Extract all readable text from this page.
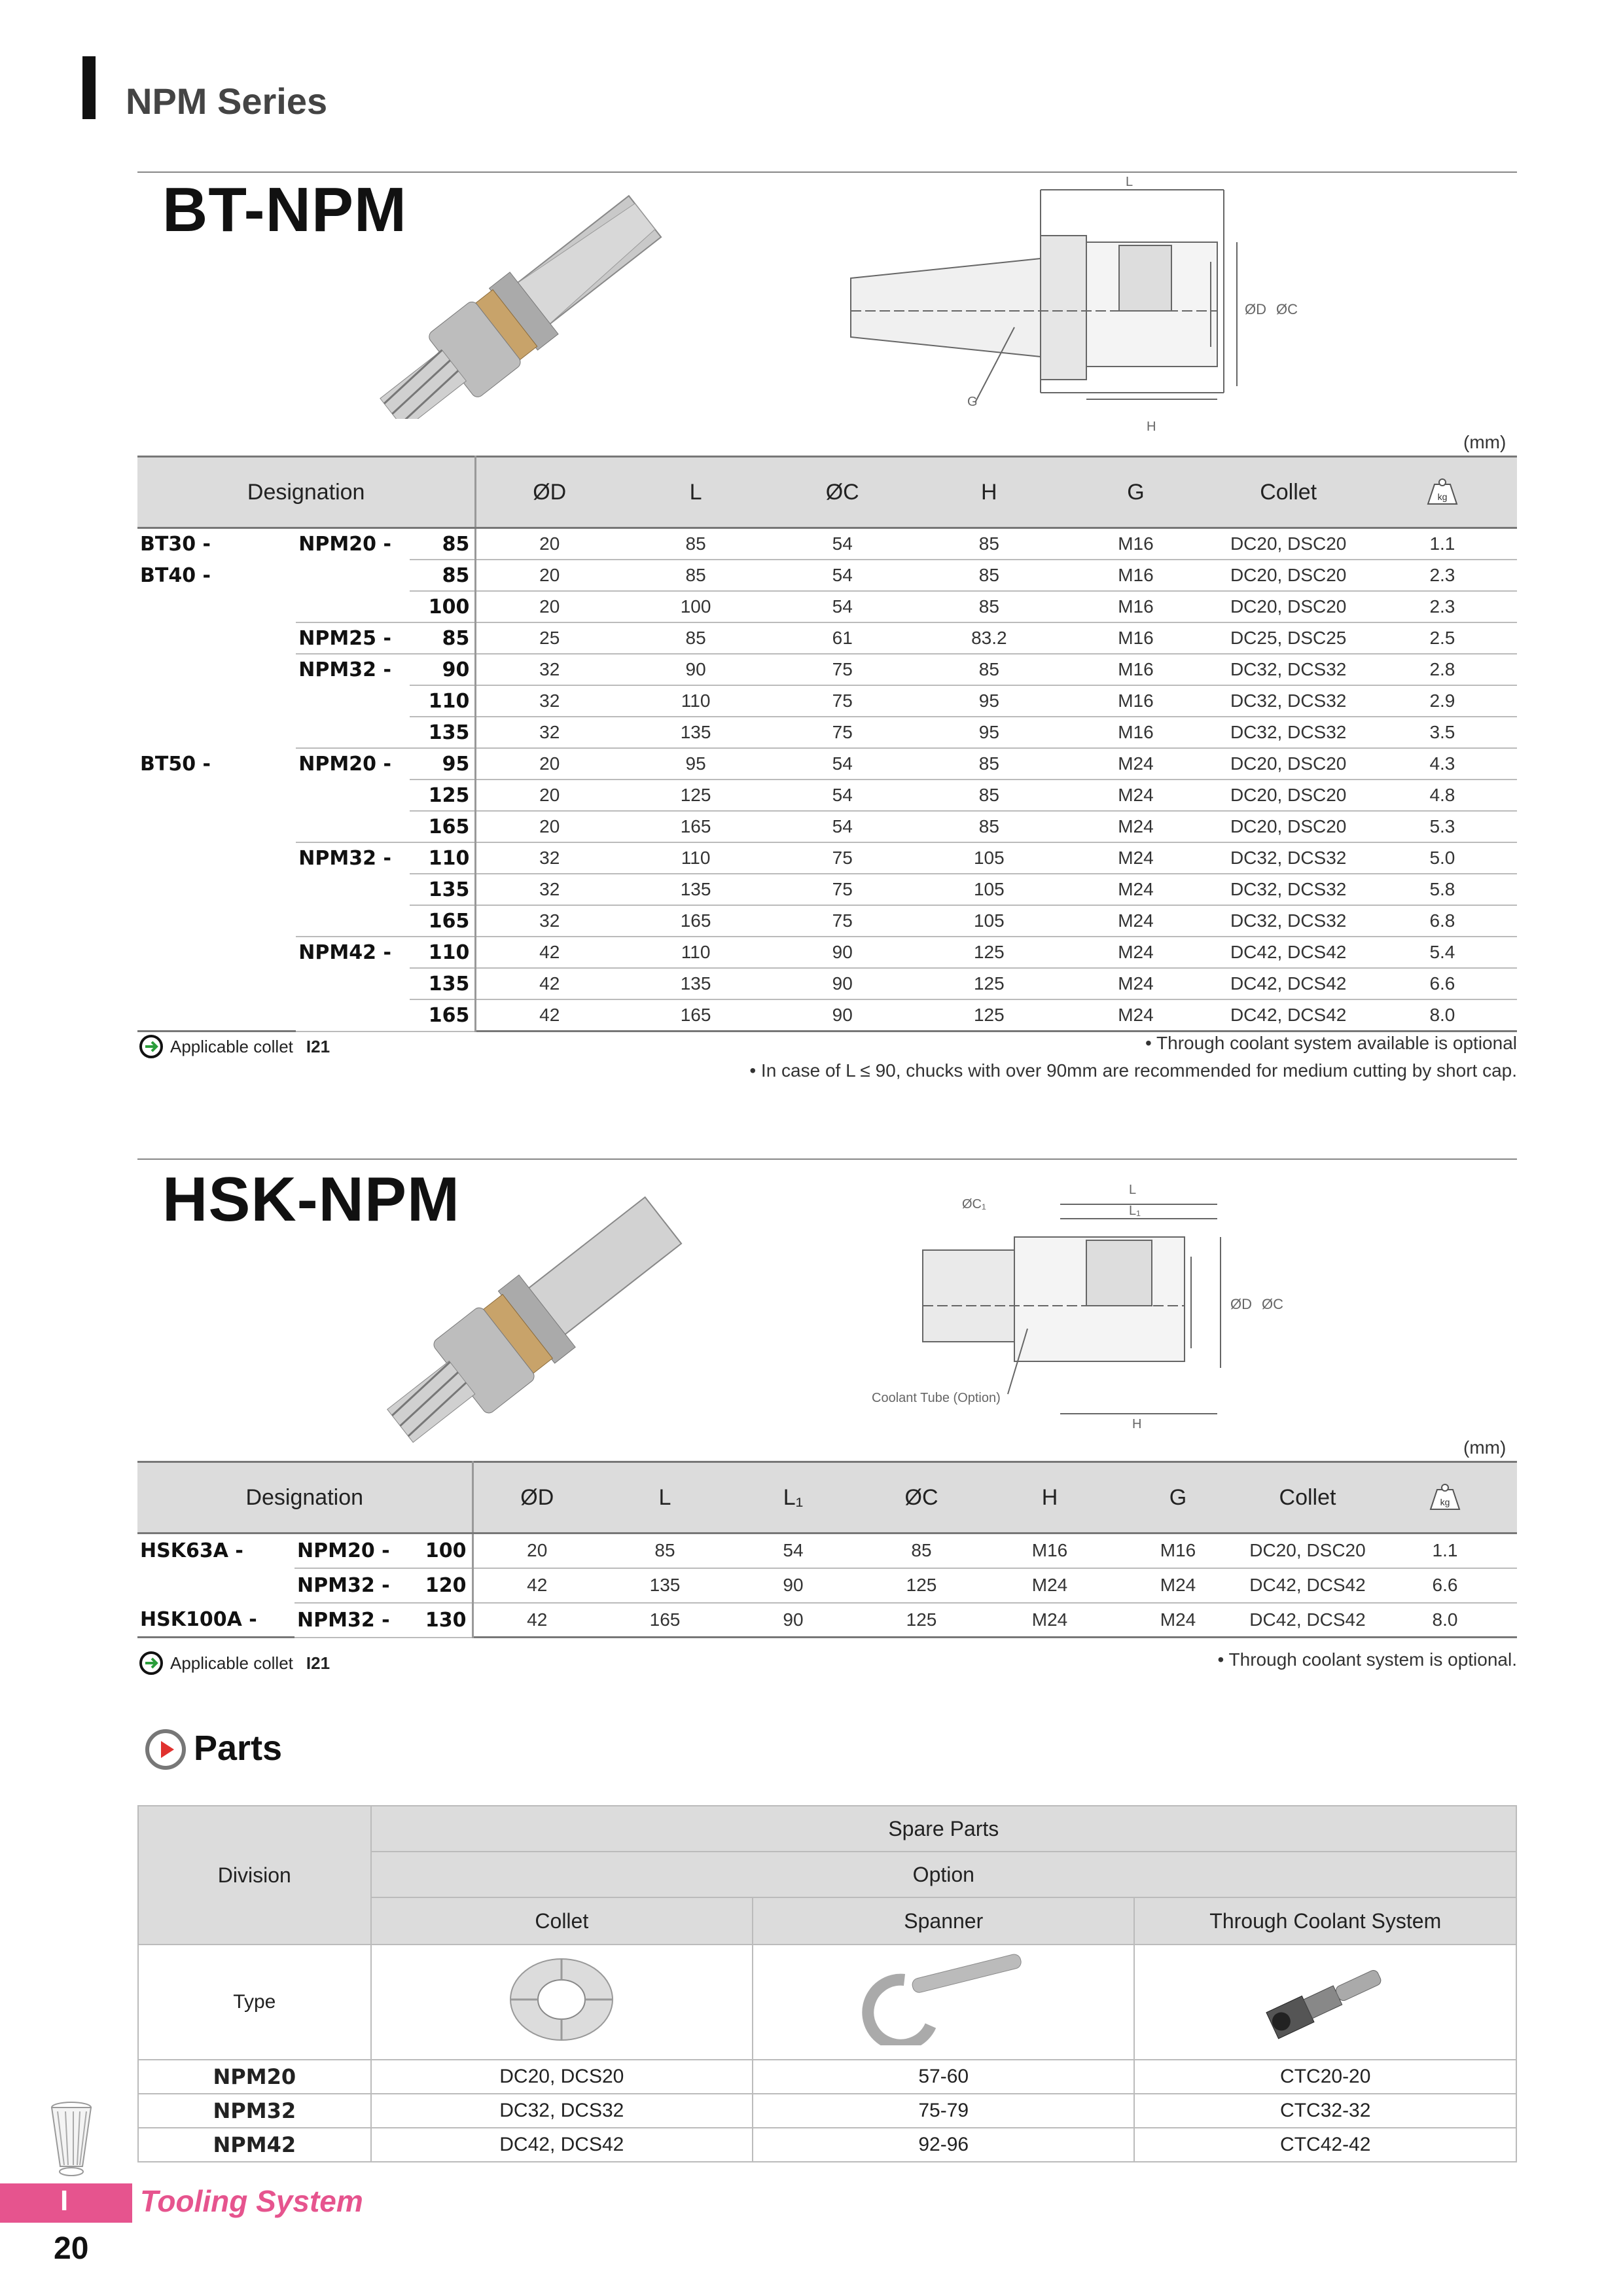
NPM Series
BT-NPM	L
ØD ØC
G
H
(mm)
Designation			ØD	L	ØC	H	G	Collet	kg

BT30 -	NPM20 -	85	20	85	54	85	M16	DC20, DSC20	1.1
BT40 -		85	20	85	54	85	M16	DC20, DSC20	2.3
		100	20	100	54	85	M16	DC20, DSC20	2.3
	NPM25 -	85	25	85	61	83.2	M16	DC25, DSC25	2.5
	NPM32 -	90	32	90	75	85	M16	DC32, DCS32	2.8
		110	32	110	75	95	M16	DC32, DCS32	2.9
		135	32	135	75	95	M16	DC32, DCS32	3.5
BT50 -	NPM20 -	95	20	95	54	85	M24	DC20, DSC20	4.3
		125	20	125	54	85	M24	DC20, DSC20	4.8
		165	20	165	54	85	M24	DC20, DSC20	5.3
	NPM32 -	110	32	110	75	105	M24	DC32, DCS32	5.0
		135	32	135	75	105	M24	DC32, DCS32	5.8
		165	32	165	75	105	M24	DC32, DCS32	6.8
	NPM42 -	110	42	110	90	125	M24	DC42, DCS42	5.4
		135	42	135	90	125	M24	DC42, DCS42	6.6
		165	42	165	90	125	M24	DC42, DCS42	8.0
Applicable collet I21	• Through coolant system available is optional
• In case of L ≤ 90, chucks with over 90mm are recommended for medium cutting by short cap.
HSK-NPM	L
L₁
ØC₁
ØD ØC
H
Coolant Tube (Option)
(mm)
Designation			ØD	L	L₁	ØC	H	G	Collet	kg

HSK63A -	NPM20 -	100	20	85	54	85	M16	M16	DC20, DSC20	1.1
	NPM32 -	120	42	135	90	125	M24	M24	DC42, DCS42	6.6
HSK100A -	NPM32 -	130	42	165	90	125	M24	M24	DC42, DCS42	8.0
Applicable collet I21	• Through coolant system is optional.
Parts
Division	Spare Parts		
	Option		
	Collet	Spanner	Through Coolant System
Type			
NPM20	DC20, DCS20	57-60	CTC20-20
NPM32	DC32, DCS32	75-79	CTC32-32
NPM42	DC42, DCS42	92-96	CTC42-42
I Tooling System
20
